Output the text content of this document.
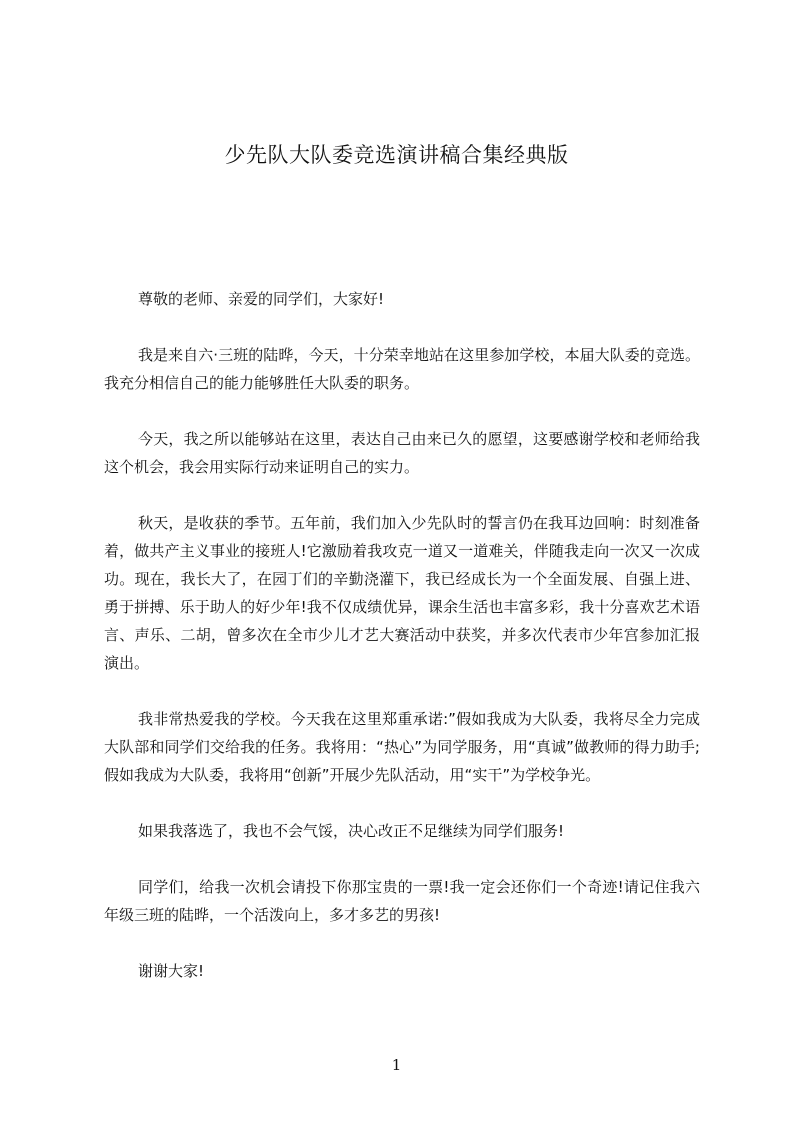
少先队大队委竞选演讲稿合集经典版

尊敬的老师、亲爱的同学们，大家好!

我是来自六·三班的陆晔，今天，十分荣幸地站在这里参加学校，本届大队委的竞选。我充分相信自己的能力能够胜任大队委的职务。

今天，我之所以能够站在这里，表达自己由来已久的愿望，这要感谢学校和老师给我这个机会，我会用实际行动来证明自己的实力。

秋天，是收获的季节。五年前，我们加入少先队时的誓言仍在我耳边回响：时刻准备着，做共产主义事业的接班人!它激励着我攻克一道又一道难关，伴随我走向一次又一次成功。现在，我长大了，在园丁们的辛勤浇灌下，我已经成长为一个全面发展、自强上进、勇于拼搏、乐于助人的好少年!我不仅成绩优异，课余生活也丰富多彩，我十分喜欢艺术语言、声乐、二胡，曾多次在全市少儿才艺大赛活动中获奖，并多次代表市少年宫参加汇报演出。

我非常热爱我的学校。今天我在这里郑重承诺:”假如我成为大队委，我将尽全力完成大队部和同学们交给我的任务。我将用：“热心”为同学服务，用“真诚”做教师的得力助手;假如我成为大队委，我将用“创新”开展少先队活动，用“实干”为学校争光。

如果我落选了，我也不会气馁，决心改正不足继续为同学们服务!

同学们，给我一次机会请投下你那宝贵的一票!我一定会还你们一个奇迹!请记住我六年级三班的陆晔，一个活泼向上，多才多艺的男孩!

谢谢大家!

1
